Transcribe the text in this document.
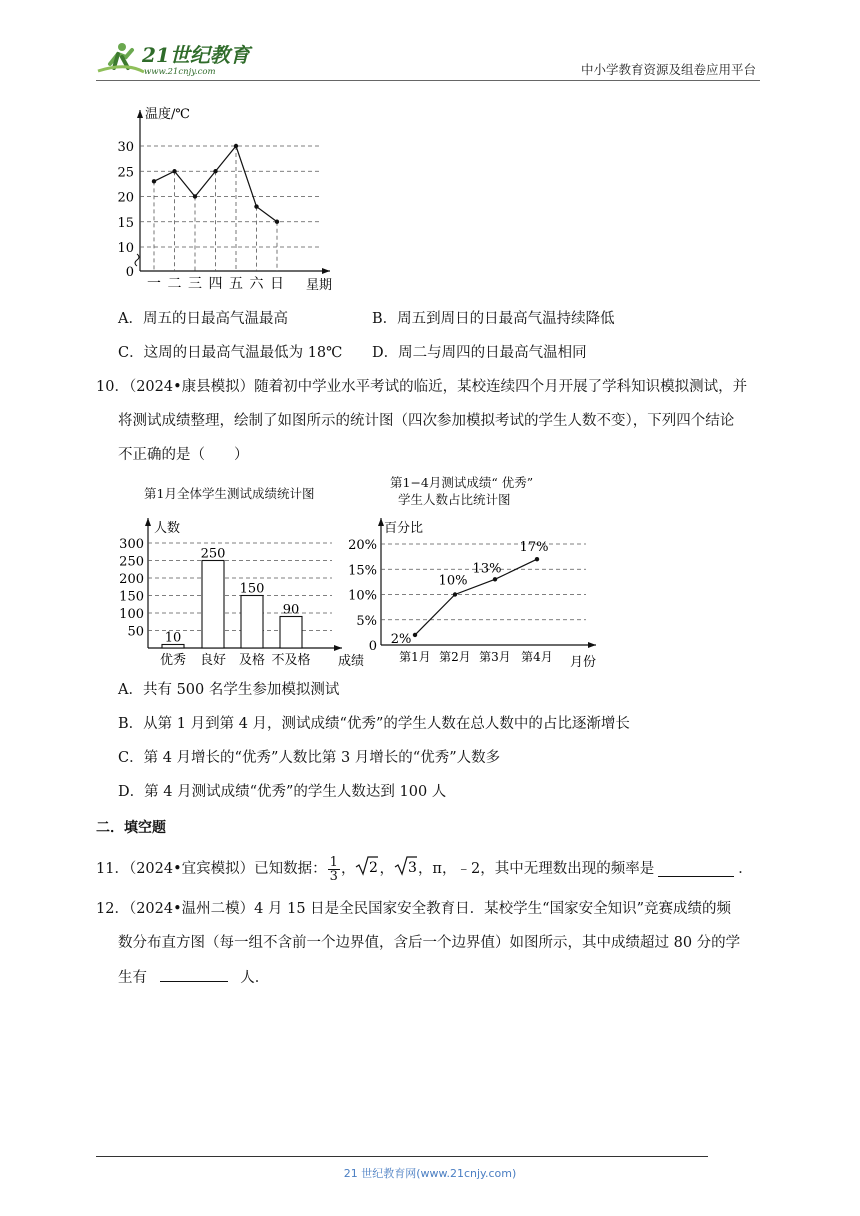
21世纪教育
www.21cnjy.com	中小学教育资源及组卷应用平台
0
10
15
20
25
30
一 二 三 四 五 六 日
温度/℃
星期
A．周五的日最高气温最高	B．周五到周日的日最高气温持续降低
C．这周的日最高气温最低为 18℃ D．周二与周四的日最高气温相同
10．（2024•康县模拟）随着初中学业水平考试的临近，某校连续四个月开展了学科知识模拟测试，并
将测试成绩整理，绘制了如图所示的统计图（四次参加模拟考试的学生人数不变），下列四个结论
不正确的是（　　）
第1月全体学生测试成绩统计图
第1−4月测试成绩“ 优秀”
学生人数占比统计图
50
100
150
200
250
300
10
优秀
250
良好
150
及格
90
不及格
人数
成绩
0
5%
10%
15%
20%
2%
第1月
10%
第2月
13%
第3月
17%
第4月
百分比
月份
A．共有 500 名学生参加模拟测试
B．从第 1 月到第 4 月，测试成绩“优秀”的学生人数在总人数中的占比逐渐增长
C．第 4 月增长的“优秀”人数比第 3 月增长的“优秀”人数多
D．第 4 月测试成绩“优秀”的学生人数达到 100 人
二．填空题
11．（2024•宜宾模拟）已知数据： $\frac{1}{3}$ ， 2 ， 3 ，π，﹣2，其中无理数出现的频率是	．
12．（2024•温州二模）4 月 15 日是全民国家安全教育日．某校学生“国家安全知识”竞赛成绩的频
数分布直方图（每一组不含前一个边界值，含后一个边界值）如图所示，其中成绩超过 80 分的学
生有	人．
21 世纪教育网(www.21cnjy.com)
